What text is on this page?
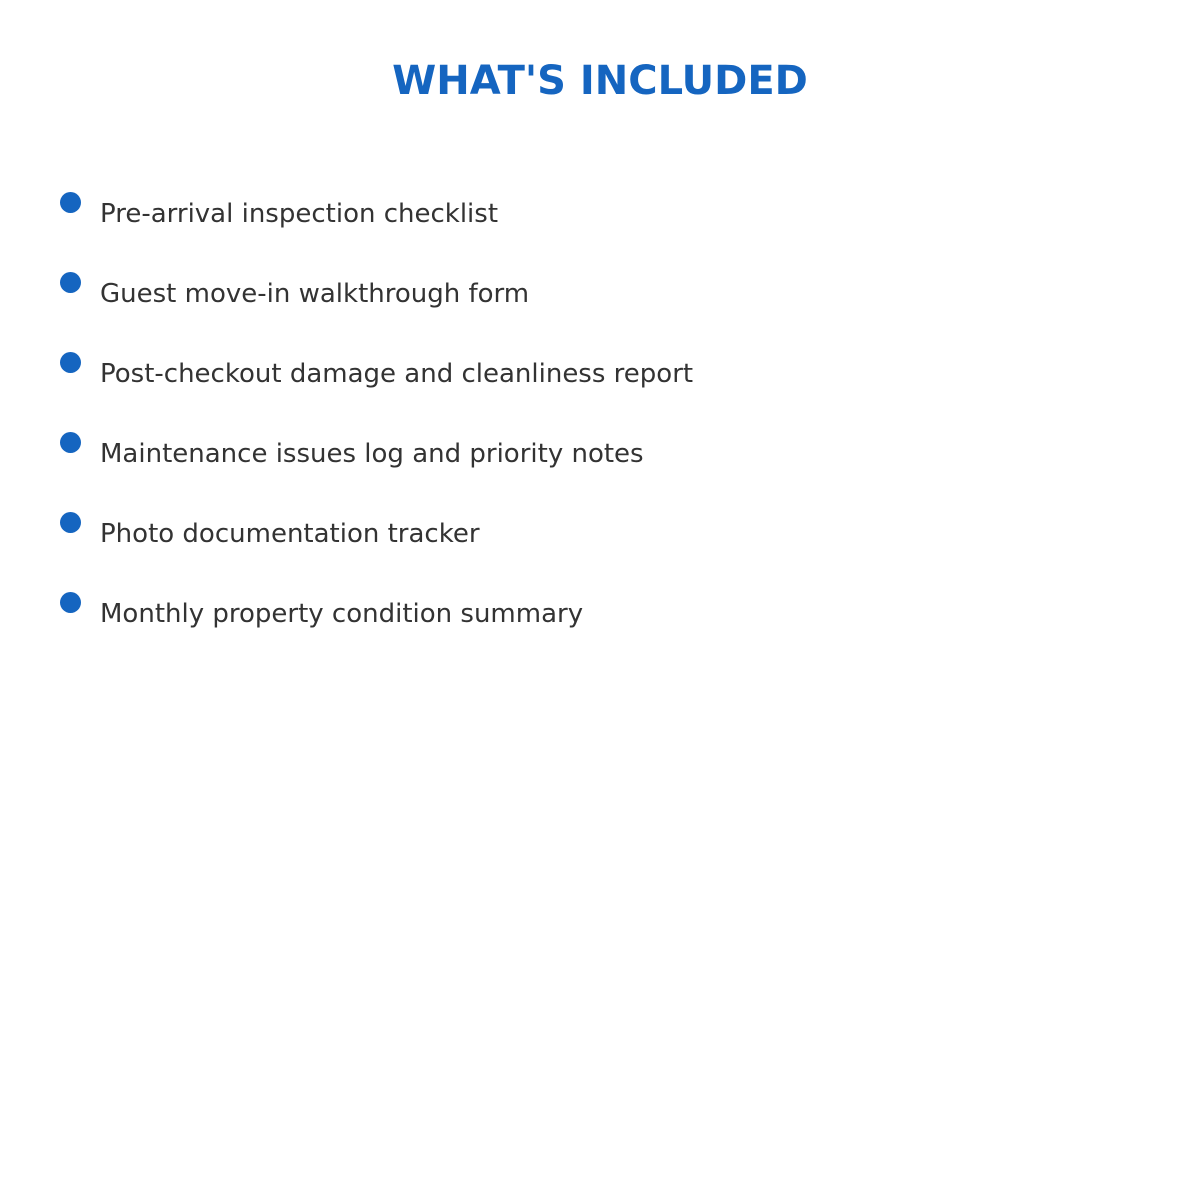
WHAT'S INCLUDED
Pre-arrival inspection checklist
Guest move-in walkthrough form
Post-checkout damage and cleanliness report
Maintenance issues log and priority notes
Photo documentation tracker
Monthly property condition summary
